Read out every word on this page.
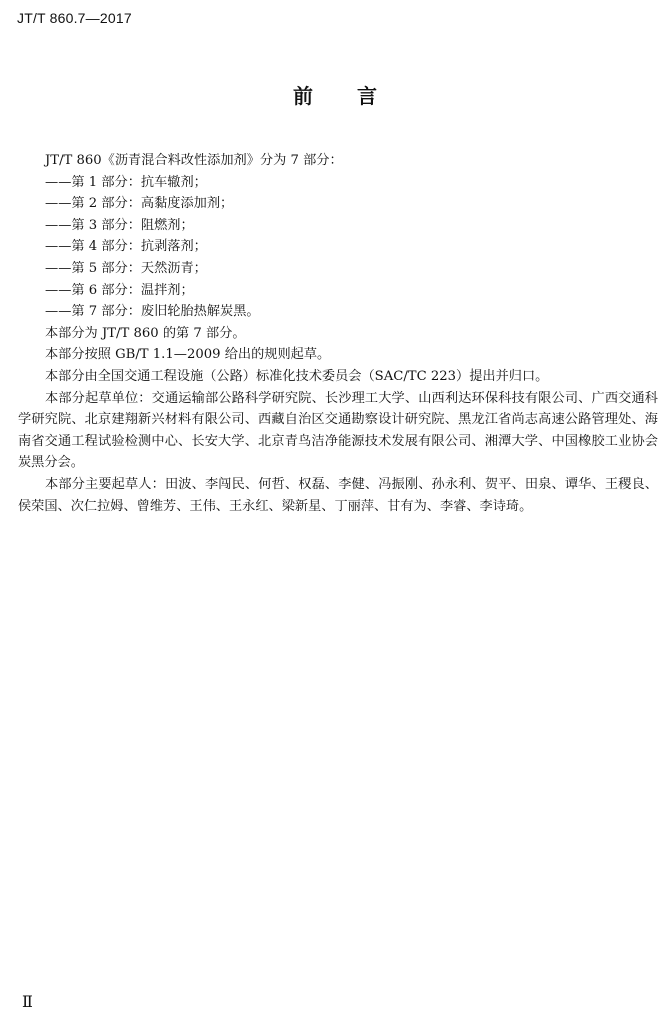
JT/T 860.7—2017
前言
JT/T 860《沥青混合料改性添加剂》分为 7 部分：
——第 1 部分：抗车辙剂；
——第 2 部分：高黏度添加剂；
——第 3 部分：阻燃剂；
——第 4 部分：抗剥落剂；
——第 5 部分：天然沥青；
——第 6 部分：温拌剂；
——第 7 部分：废旧轮胎热解炭黑。
本部分为 JT/T 860 的第 7 部分。
本部分按照 GB/T 1.1—2009 给出的规则起草。
本部分由全国交通工程设施（公路）标准化技术委员会（SAC/TC 223）提出并归口。

本部分起草单位：交通运输部公路科学研究院、长沙理工大学、山西利达环保科技有限公司、广西交通科学研究院、北京建翔新兴材料有限公司、西藏自治区交通勘察设计研究院、黑龙江省尚志高速公路管理处、海南省交通工程试验检测中心、长安大学、北京青鸟洁净能源技术发展有限公司、湘潭大学、中国橡胶工业协会炭黑分会。

本部分主要起草人：田波、李闯民、何哲、权磊、李健、冯振刚、孙永利、贺平、田泉、谭华、王稷良、侯荣国、次仁拉姆、曾维芳、王伟、王永红、梁新星、丁丽萍、甘有为、李睿、李诗琦。

Ⅱ
